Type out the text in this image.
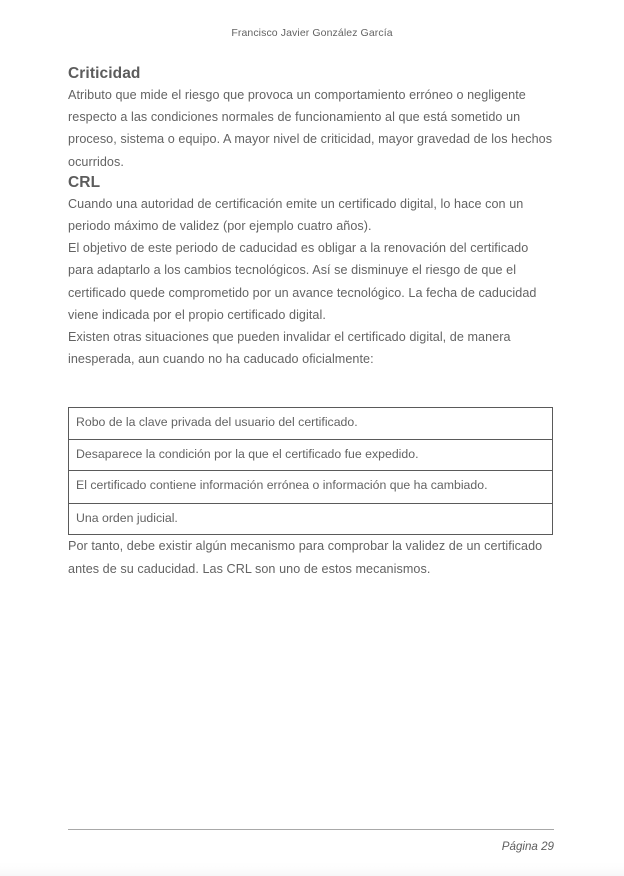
Francisco Javier González García
Criticidad

Atributo que mide el riesgo que provoca un comportamiento erróneo o negligente respecto a las condiciones normales de funcionamiento al que está sometido un proceso, sistema o equipo. A mayor nivel de criticidad, mayor gravedad de los hechos ocurridos.

CRL

Cuando una autoridad de certificación emite un certificado digital, lo hace con un periodo máximo de validez (por ejemplo cuatro años).

El objetivo de este periodo de caducidad es obligar a la renovación del certificado para adaptarlo a los cambios tecnológicos. Así se disminuye el riesgo de que el certificado quede comprometido por un avance tecnológico. La fecha de caducidad viene indicada por el propio certificado digital.

Existen otras situaciones que pueden invalidar el certificado digital, de manera inesperada, aun cuando no ha caducado oficialmente:

Robo de la clave privada del usuario del certificado.
Desaparece la condición por la que el certificado fue expedido.
El certificado contiene información errónea o información que ha cambiado.
Una orden judicial.

Por tanto, debe existir algún mecanismo para comprobar la validez de un certificado antes de su caducidad. Las CRL son uno de estos mecanismos.

Página 29
